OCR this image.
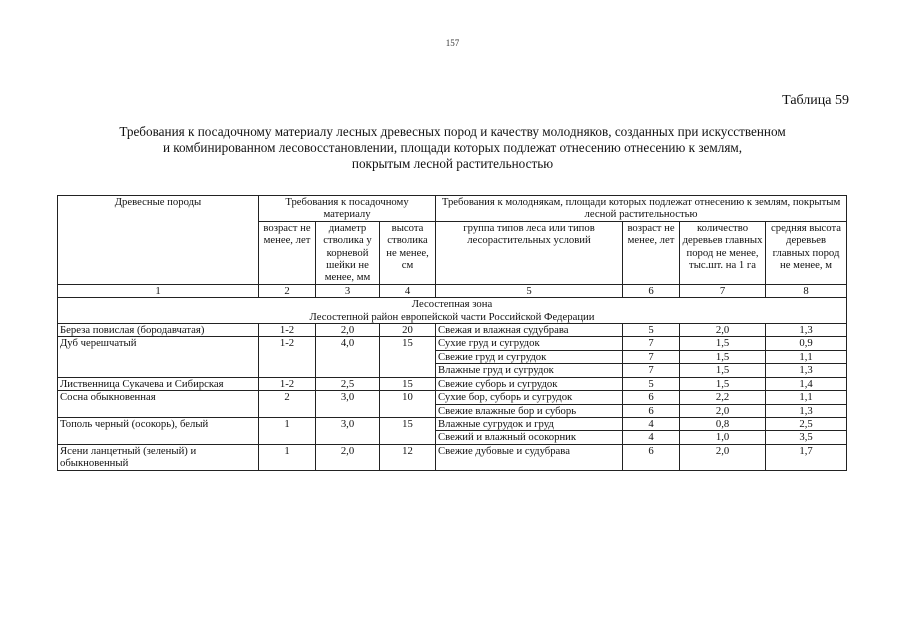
157
Таблица 59
Требования к посадочному материалу лесных древесных пород и качеству молодняков, созданных при искусственном
и комбинированном лесовосстановлении, площади которых подлежат отнесению отнесению к землям,
покрытым лесной растительностью
Древесные породы	Требования к посадочному материалу			Требования к молоднякам, площади которых подлежат отнесению к землям, покрытым лесной растительностью			
	возраст не менее, лет	диаметр стволика у корневой шейки не менее, мм	высота стволика не менее, см	группа типов леса или типов лесорастительных условий	возраст не менее, лет	количество деревьев главных пород не менее, тыс.шт. на 1 га	средняя высота деревьев главных пород не менее, м
1	2	3	4	5	6	7	8

Лесостепная зона
Лесостепной район европейской части Российской Федерации							

Береза повислая (бородавчатая)	1-2	2,0	20	Свежая и влажная судубрава	5	2,0	1,3
Дуб черешчатый	1-2	4,0	15	Сухие груд и сугрудок	7	1,5	0,9
				Свежие груд и сугрудок	7	1,5	1,1
				Влажные груд и сугрудок	7	1,5	1,3
Лиственница Сукачева и Сибирская	1-2	2,5	15	Свежие суборь и сугрудок	5	1,5	1,4
Сосна обыкновенная	2	3,0	10	Сухие бор, суборь и сугрудок	6	2,2	1,1
				Свежие влажные бор и суборь	6	2,0	1,3
Тополь черный (осокорь), белый	1	3,0	15	Влажные сугрудок и груд	4	0,8	2,5
				Свежий и влажный осокорник	4	1,0	3,5
Ясени ланцетный (зеленый) и обыкновенный	1	2,0	12	Свежие дубовые и судубрава	6	2,0	1,7
